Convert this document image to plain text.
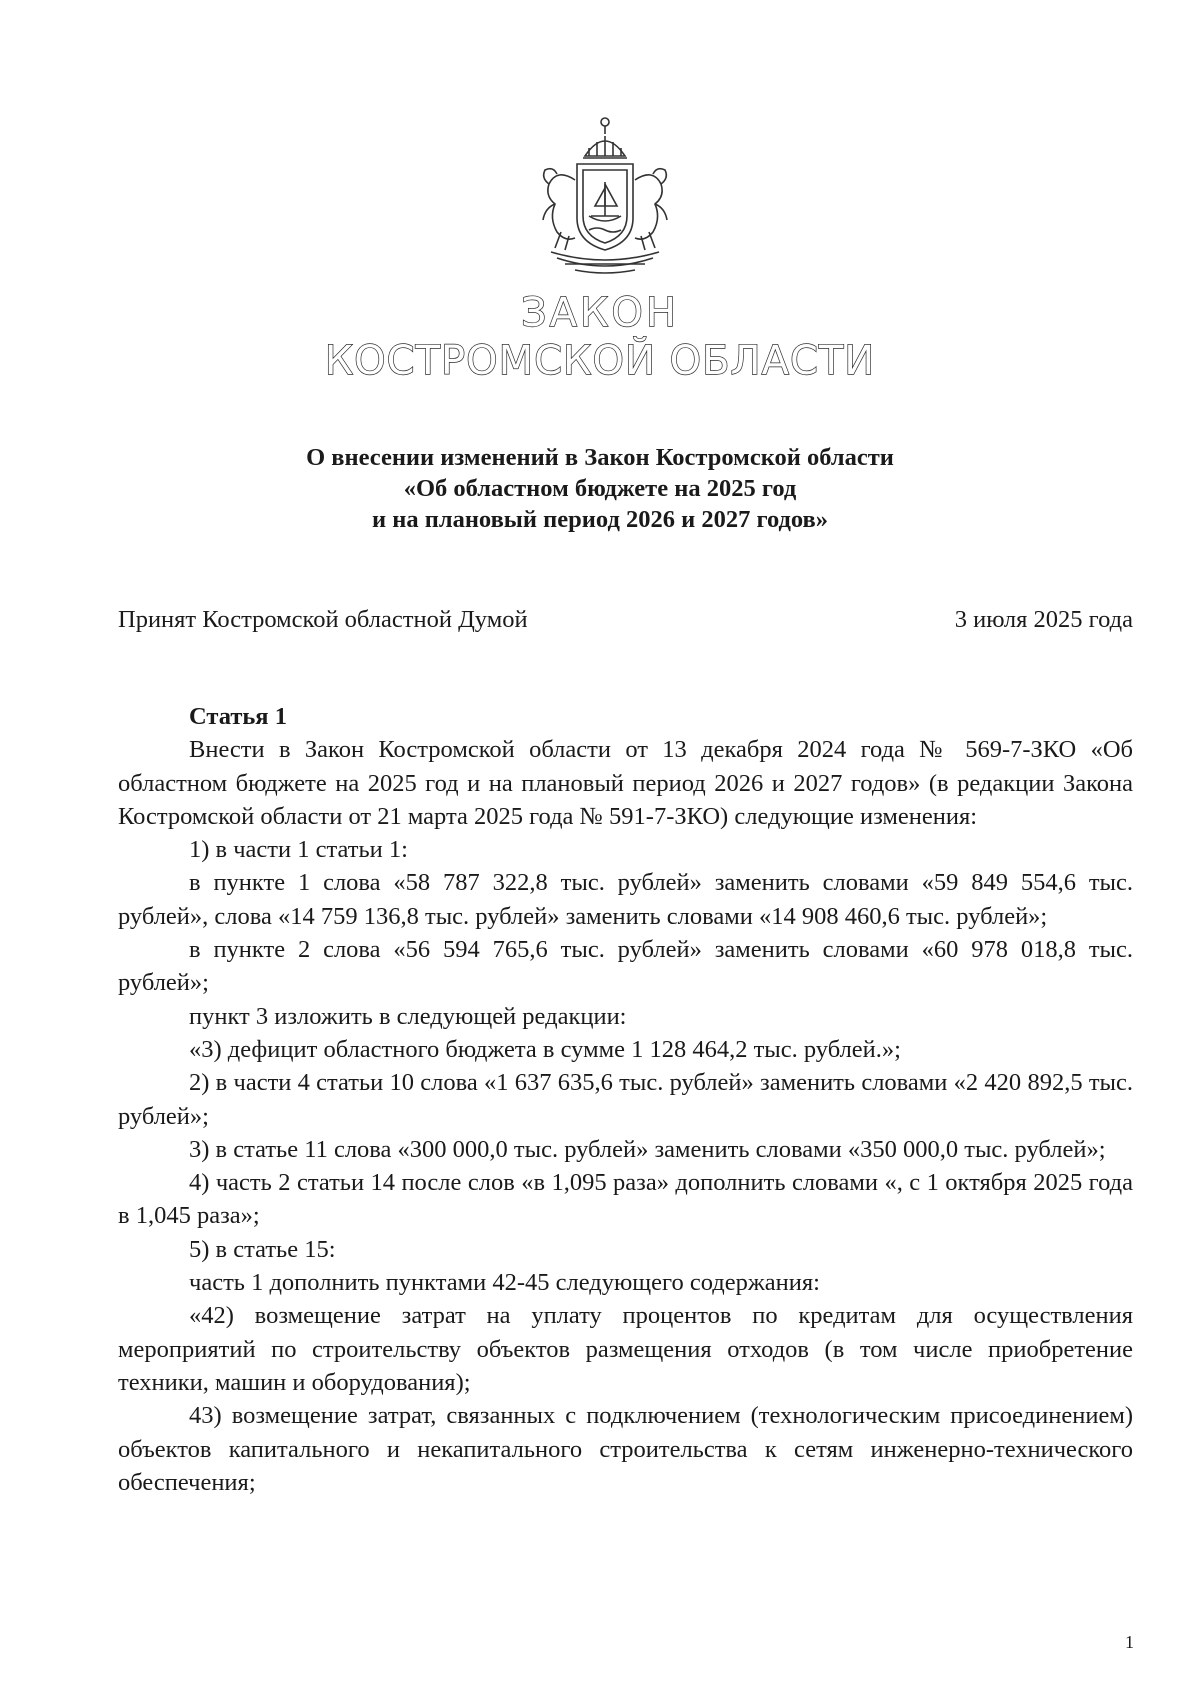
ЗАКОН
КОСТРОМСКОЙ ОБЛАСТИ
О внесении изменений в Закон Костромской области
«Об областном бюджете на 2025 год
и на плановый период 2026 и 2027 годов»
Принят Костромской областной Думой	3 июля 2025 года

Статья 1

Внести в Закон Костромской области от 13 декабря 2024 года № 569-7-ЗКО «Об областном бюджете на 2025 год и на плановый период 2026 и 2027 годов» (в редакции Закона Костромской области от 21 марта 2025 года № 591-7-ЗКО) следующие изменения:

1) в части 1 статьи 1:

в пункте 1 слова «58 787 322,8 тыс. рублей» заменить словами «59 849 554,6 тыс. рублей», слова «14 759 136,8 тыс. рублей» заменить словами «14 908 460,6 тыс. рублей»;

в пункте 2 слова «56 594 765,6 тыс. рублей» заменить словами «60 978 018,8 тыс. рублей»;

пункт 3 изложить в следующей редакции:

«3) дефицит областного бюджета в сумме 1 128 464,2 тыс. рублей.»;

2) в части 4 статьи 10 слова «1 637 635,6 тыс. рублей» заменить словами «2 420 892,5 тыс. рублей»;

3) в статье 11 слова «300 000,0 тыс. рублей» заменить словами «350 000,0 тыс. рублей»;

4) часть 2 статьи 14 после слов «в 1,095 раза» дополнить словами «, с 1 октября 2025 года в 1,045 раза»;

5) в статье 15:

часть 1 дополнить пунктами 42-45 следующего содержания:

«42) возмещение затрат на уплату процентов по кредитам для осуществления мероприятий по строительству объектов размещения отходов (в том числе приобретение техники, машин и оборудования);

43) возмещение затрат, связанных с подключением (технологическим присоединением) объектов капитального и некапитального строительства к сетям инженерно-технического обеспечения;

1
